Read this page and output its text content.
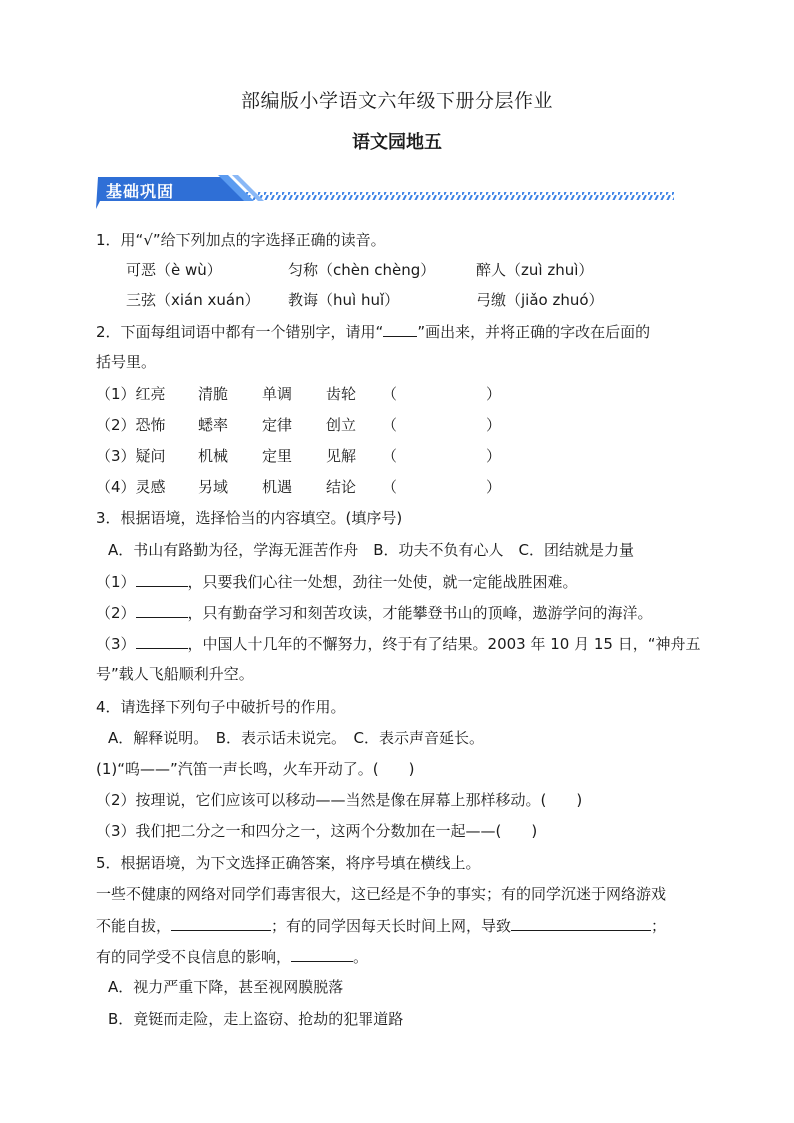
部编版小学语文六年级下册分层作业
语文园地五
基础巩固
1．用“√”给下列加点的字选择正确的读音。
可恶（è wù）	匀称（chèn chèng）	醉人（zuì zhuì）
三弦（xián xuán） 教诲（huì huǐ）	弓缴（jiǎo zhuó）
2．下面每组词语中都有一个错别字，请用“ ”画出来，并将正确的字改在后面的
括号里。
（1）红亮 清脆 单调 齿轮 （	）
（2）恐怖 蟋率 定律 创立 （	）
（3）疑问 机械 定里 见解 （	）
（4）灵感 另域 机遇 结论 （	）
3．根据语境，选择恰当的内容填空。(填序号)
A．书山有路勤为径，学海无涯苦作舟　B．功夫不负有心人　C．团结就是力量
（1）	，只要我们心往一处想，劲往一处使，就一定能战胜困难。
（2）	，只有勤奋学习和刻苦攻读，才能攀登书山的顶峰，遨游学问的海洋。
（3）	，中国人十几年的不懈努力，终于有了结果。2003 年 10 月 15 日，“神舟五
号”载人飞船顺利升空。
4．请选择下列句子中破折号的作用。
A．解释说明。　B．表示话未说完。　C．表示声音延长。
(1)“呜——”汽笛一声长鸣，火车开动了。(　　)
（2）按理说，它们应该可以移动——当然是像在屏幕上那样移动。(　　)
（3）我们把二分之一和四分之一，这两个分数加在一起——(　　)
5．根据语境，为下文选择正确答案，将序号填在横线上。
一些不健康的网络对同学们毒害很大，这已经是不争的事实；有的同学沉迷于网络游戏
不能自拔，	；有的同学因每天长时间上网，导致	；
有的同学受不良信息的影响，	。
A．视力严重下降，甚至视网膜脱落
B．竟铤而走险，走上盗窃、抢劫的犯罪道路
